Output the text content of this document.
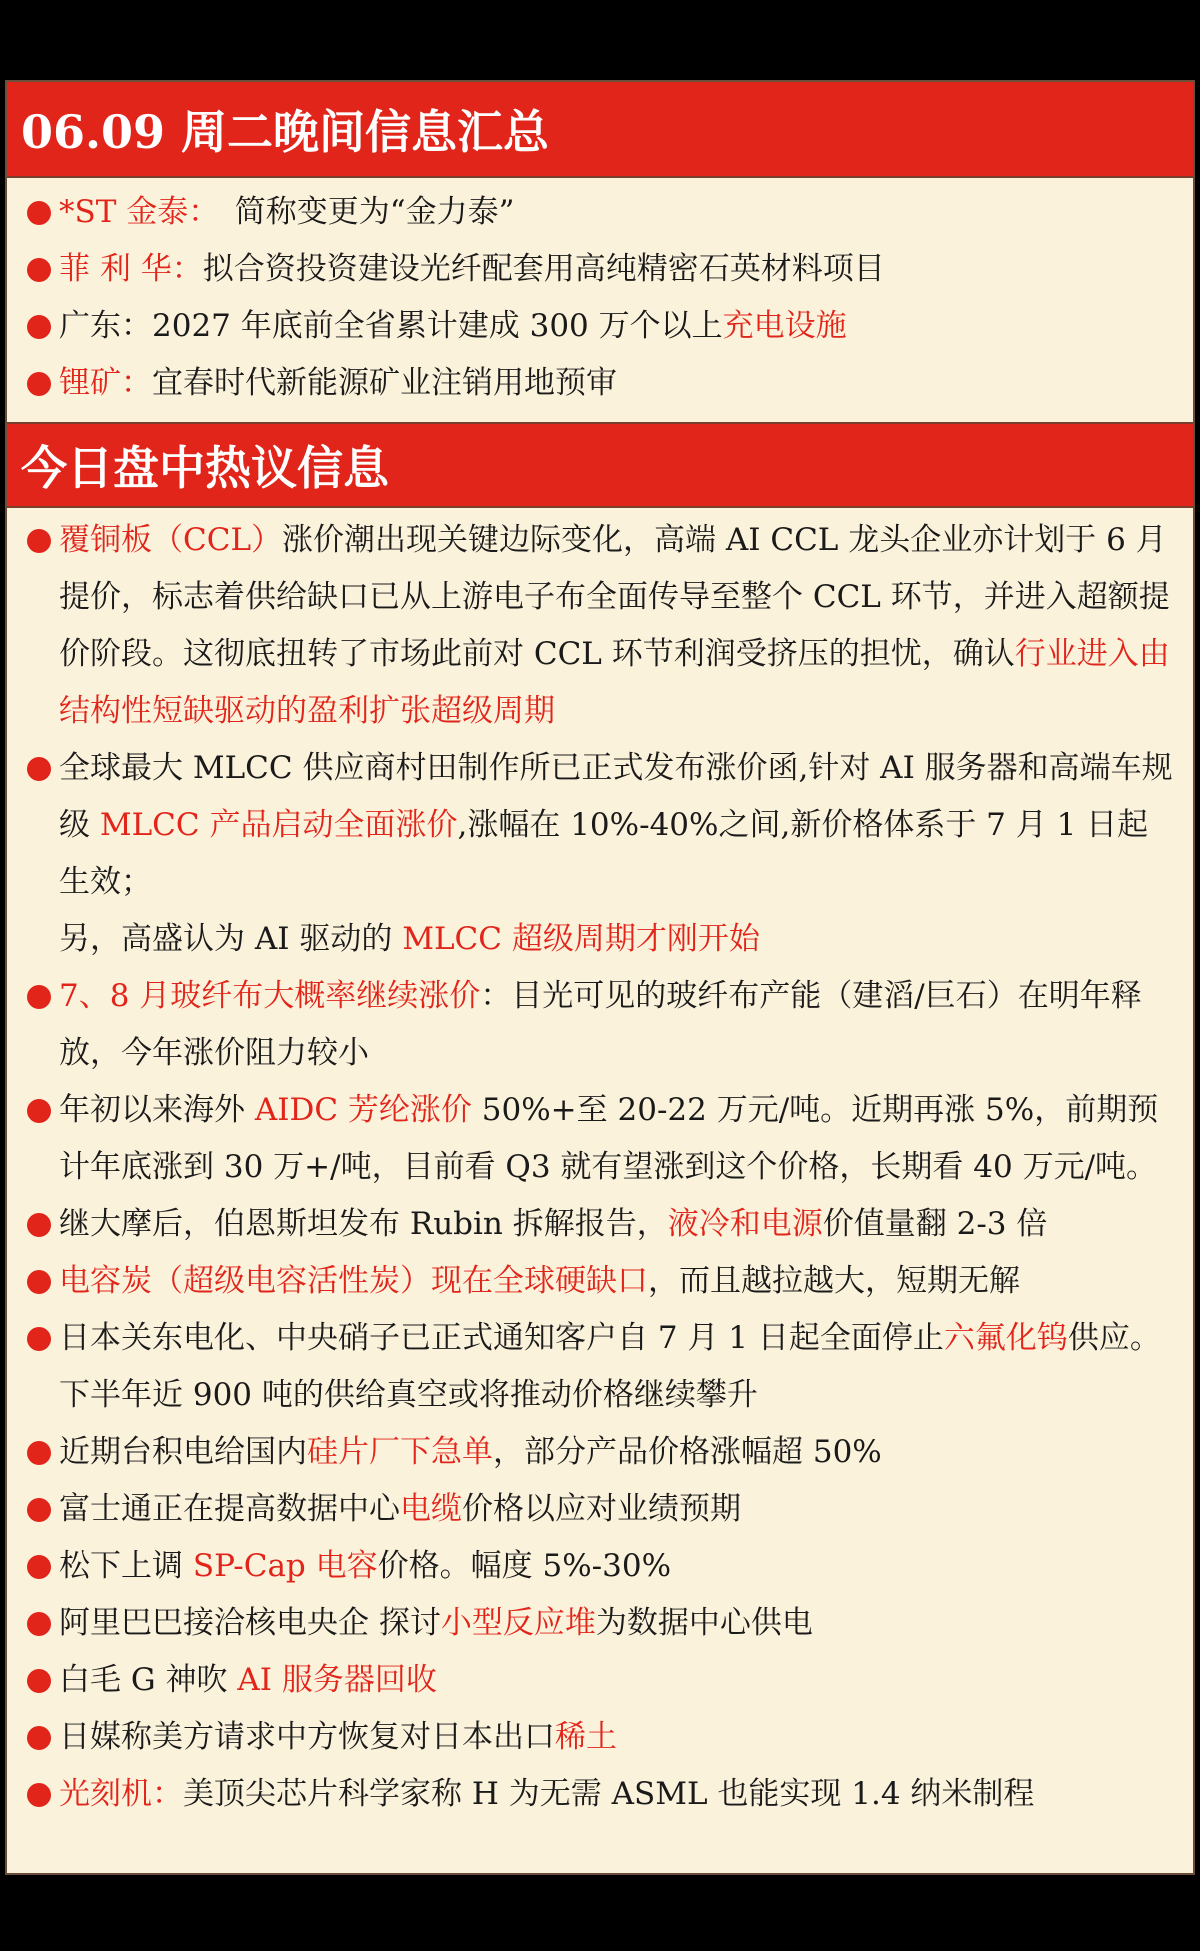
06.09 周二晚间信息汇总
*ST 金泰：　简称变更为“金力泰”
菲 利 华：拟合资投资建设光纤配套用高纯精密石英材料项目
广东：2027 年底前全省累计建成 300 万个以上充电设施
锂矿：宜春时代新能源矿业注销用地预审
今日盘中热议信息
覆铜板（CCL）涨价潮出现关键边际变化，高端 AI CCL 龙头企业亦计划于 6 月提价，标志着供给缺口已从上游电子布全面传导至整个 CCL 环节，并进入超额提价阶段。这彻底扭转了市场此前对 CCL 环节利润受挤压的担忧，确认行业进入由结构性短缺驱动的盈利扩张超级周期
全球最大 MLCC 供应商村田制作所已正式发布涨价函,针对 AI 服务器和高端车规级 MLCC 产品启动全面涨价,涨幅在 10%-40%之间,新价格体系于 7 月 1 日起生效；
另，高盛认为 AI 驱动的 MLCC 超级周期才刚开始
7、8 月玻纤布大概率继续涨价：目光可见的玻纤布产能（建滔/巨石）在明年释放，今年涨价阻力较小
年初以来海外 AIDC 芳纶涨价 50%+至 20-22 万元/吨。近期再涨 5%，前期预计年底涨到 30 万+/吨，目前看 Q3 就有望涨到这个价格，长期看 40 万元/吨。
继大摩后，伯恩斯坦发布 Rubin 拆解报告，液冷和电源价值量翻 2-3 倍
电容炭（超级电容活性炭）现在全球硬缺口，而且越拉越大，短期无解
日本关东电化、中央硝子已正式通知客户自 7 月 1 日起全面停止六氟化钨供应。下半年近 900 吨的供给真空或将推动价格继续攀升
近期台积电给国内硅片厂下急单，部分产品价格涨幅超 50%
富士通正在提高数据中心电缆价格以应对业绩预期
松下上调 SP-Cap 电容价格。幅度 5%-30%
阿里巴巴接洽核电央企 探讨小型反应堆为数据中心供电
白毛 G 神吹 AI 服务器回收
日媒称美方请求中方恢复对日本出口稀土
光刻机：美顶尖芯片科学家称 H 为无需 ASML 也能实现 1.4 纳米制程
